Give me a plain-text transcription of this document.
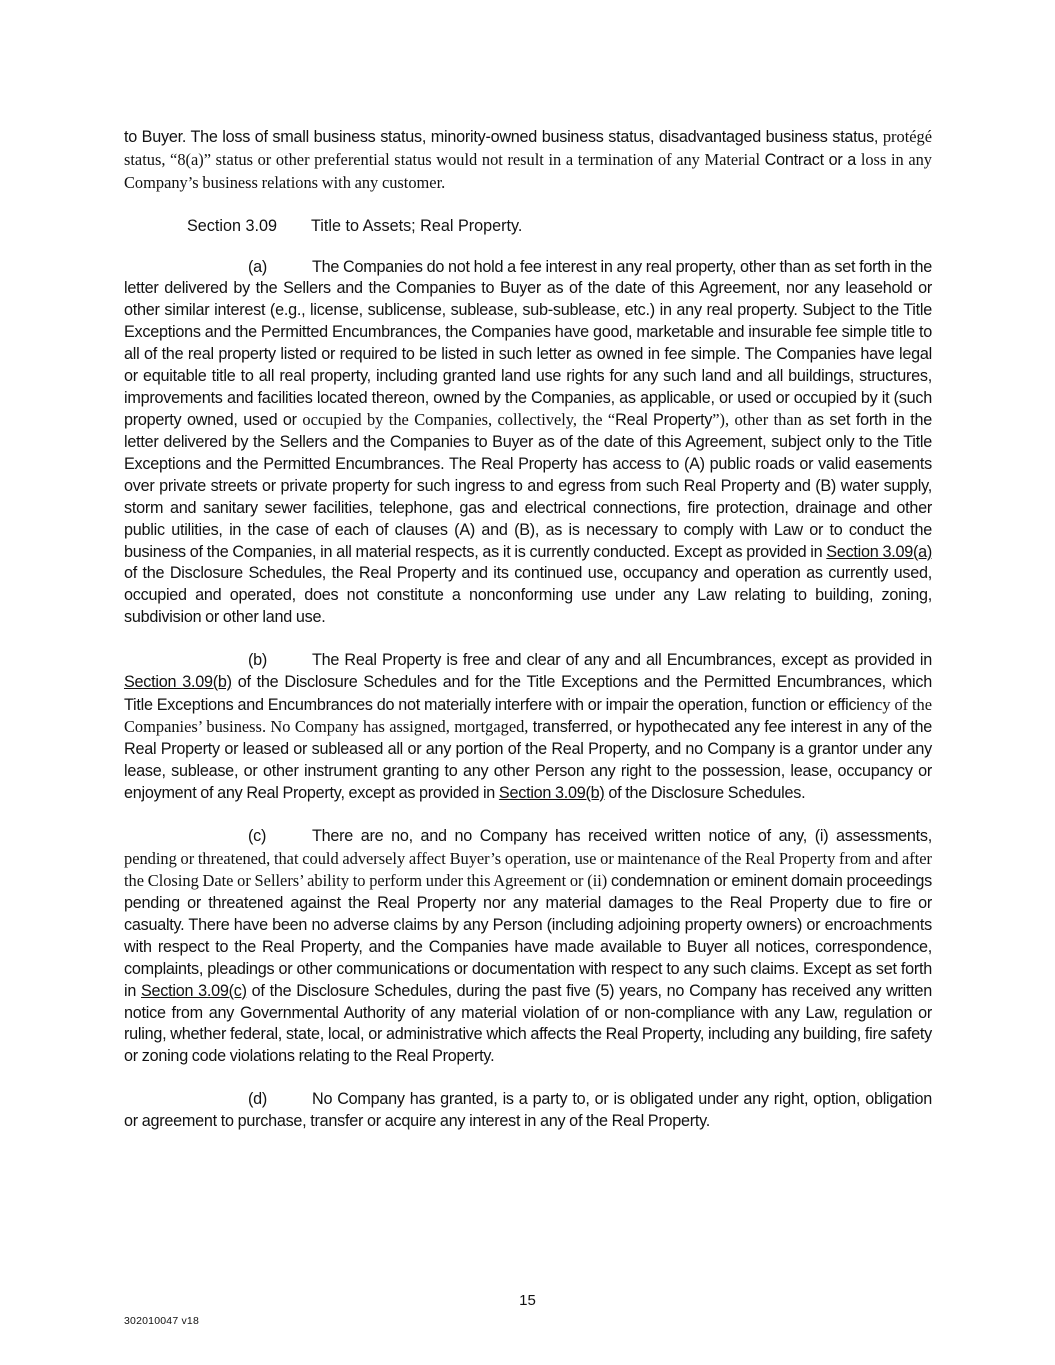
to Buyer. The loss of small business status, minority-owned business status, disadvantaged business status, protégé status, “8(a)” status or other preferential status would not result in a termination of any Material Contract or a loss in any Company’s business relations with any customer.

Section 3.09 Title to Assets; Real Property.

(a)	The Companies do not hold a fee interest in any real property, other than as set forth in the letter delivered by the Sellers and the Companies to Buyer as of the date of this Agreement, nor any leasehold or other similar interest (e.g., license, sublicense, sublease, sub-sublease, etc.) in any real property. Subject to the Title Exceptions and the Permitted Encumbrances, the Companies have good, marketable and insurable fee simple title to all of the real property listed or required to be listed in such letter as owned in fee simple. The Companies have legal or equitable title to all real property, including granted land use rights for any such land and all buildings, structures, improvements and facilities located thereon, owned by the Companies, as applicable, or used or occupied by it (such property owned, used or occupied by the Companies, collectively, the “Real Property”), other than as set forth in the letter delivered by the Sellers and the Companies to Buyer as of the date of this Agreement, subject only to the Title Exceptions and the Permitted Encumbrances. The Real Property has access to (A) public roads or valid easements over private streets or private property for such ingress to and egress from such Real Property and (B) water supply, storm and sanitary sewer facilities, telephone, gas and electrical connections, fire protection, drainage and other public utilities, in the case of each of clauses (A) and (B), as is necessary to comply with Law or to conduct the business of the Companies, in all material respects, as it is currently conducted. Except as provided in Section 3.09(a) of the Disclosure Schedules, the Real Property and its continued use, occupancy and operation as currently used, occupied and operated, does not constitute a nonconforming use under any Law relating to building, zoning, subdivision or other land use.

(b)	The Real Property is free and clear of any and all Encumbrances, except as provided in Section 3.09(b) of the Disclosure Schedules and for the Title Exceptions and the Permitted Encumbrances, which Title Exceptions and Encumbrances do not materially interfere with or impair the operation, function or efficiency of the Companies’ business. No Company has assigned, mortgaged, transferred, or hypothecated any fee interest in any of the Real Property or leased or subleased all or any portion of the Real Property, and no Company is a grantor under any lease, sublease, or other instrument granting to any other Person any right to the possession, lease, occupancy or enjoyment of any Real Property, except as provided in Section 3.09(b) of the Disclosure Schedules.

(c)	There are no, and no Company has received written notice of any, (i) assessments, pending or threatened, that could adversely affect Buyer’s operation, use or maintenance of the Real Property from and after the Closing Date or Sellers’ ability to perform under this Agreement or (ii) condemnation or eminent domain proceedings pending or threatened against the Real Property nor any material damages to the Real Property due to fire or casualty. There have been no adverse claims by any Person (including adjoining property owners) or encroachments with respect to the Real Property, and the Companies have made available to Buyer all notices, correspondence, complaints, pleadings or other communications or documentation with respect to any such claims. Except as set forth in Section 3.09(c) of the Disclosure Schedules, during the past five (5) years, no Company has received any written notice from any Governmental Authority of any material violation of or non-compliance with any Law, regulation or ruling, whether federal, state, local, or administrative which affects the Real Property, including any building, fire safety or zoning code violations relating to the Real Property.

(d)	No Company has granted, is a party to, or is obligated under any right, option, obligation or agreement to purchase, transfer or acquire any interest in any of the Real Property.

15
302010047 v18
